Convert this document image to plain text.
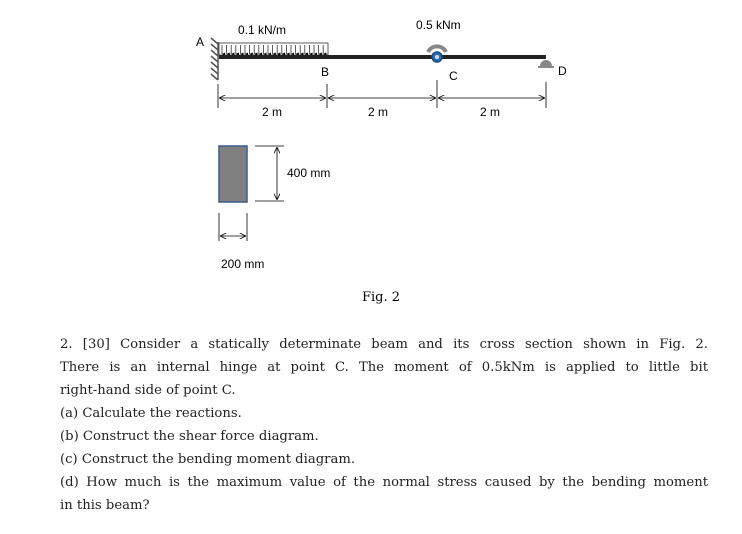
A
0.1 kN/m	0.5 kNm
B	C	D
2 m	2 m	2 m
400 mm
200 mm
Fig. 2
2. [30] Consider a statically determinate beam and its cross section shown in Fig. 2.
There is an internal hinge at point C. The moment of 0.5kNm is applied to little bit
right-hand side of point C.
(a) Calculate the reactions.
(b) Construct the shear force diagram.
(c) Construct the bending moment diagram.
(d) How much is the maximum value of the normal stress caused by the bending moment
in this beam?
